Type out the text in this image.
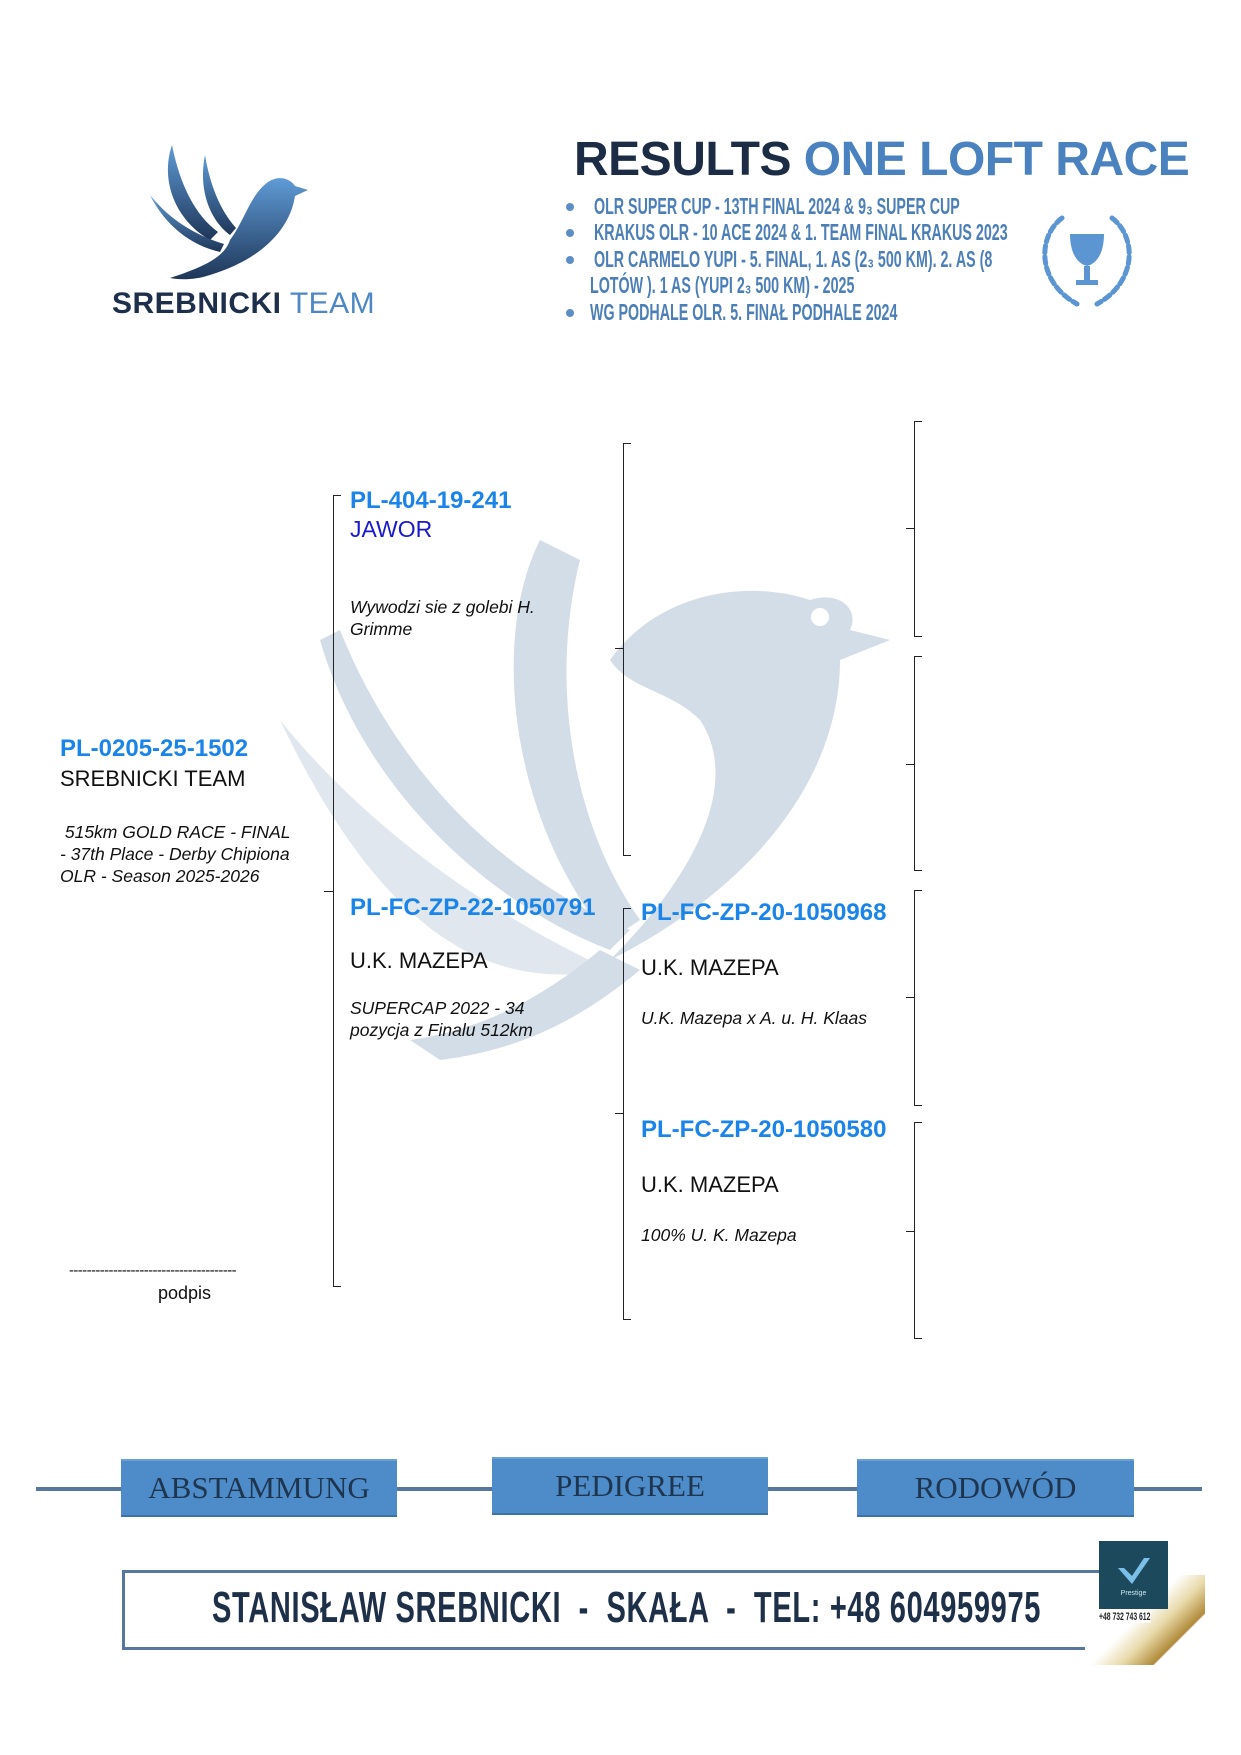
SREBNICKI TEAM
RESULTS ONE LOFT RACE
OLR SUPER CUP - 13TH FINAL 2024 & 9₃ SUPER CUP
KRAKUS OLR - 10 ACE 2024 & 1. TEAM FINAL KRAKUS 2023
OLR CARMELO YUPI - 5. FINAL, 1. AS (2₃ 500 KM). 2. AS (8
LOTÓW ). 1 AS (YUPI 2₃ 500 KM) - 2025
WG PODHALE OLR. 5. FINAŁ PODHALE 2024
PL-0205-25-1502
SREBNICKI TEAM
515km GOLD RACE - FINAL
- 37th Place - Derby Chipiona
OLR - Season 2025-2026
--------------------------------------
podpis
PL-404-19-241
JAWOR
Wywodzi sie z golebi H.
Grimme
PL-FC-ZP-22-1050791
U.K. MAZEPA
SUPERCAP 2022 - 34
pozycja z Finalu 512km
PL-FC-ZP-20-1050968
U.K. MAZEPA
U.K. Mazepa x A. u. H. Klaas
PL-FC-ZP-20-1050580
U.K. MAZEPA
100% U. K. Mazepa
ABSTAMMUNG	PEDIGREE	RODOWÓD
STANISŁAW SREBNICKI  -  SKAŁA  -  TEL: +48 604959975	Prestige
+48 732 743 612
